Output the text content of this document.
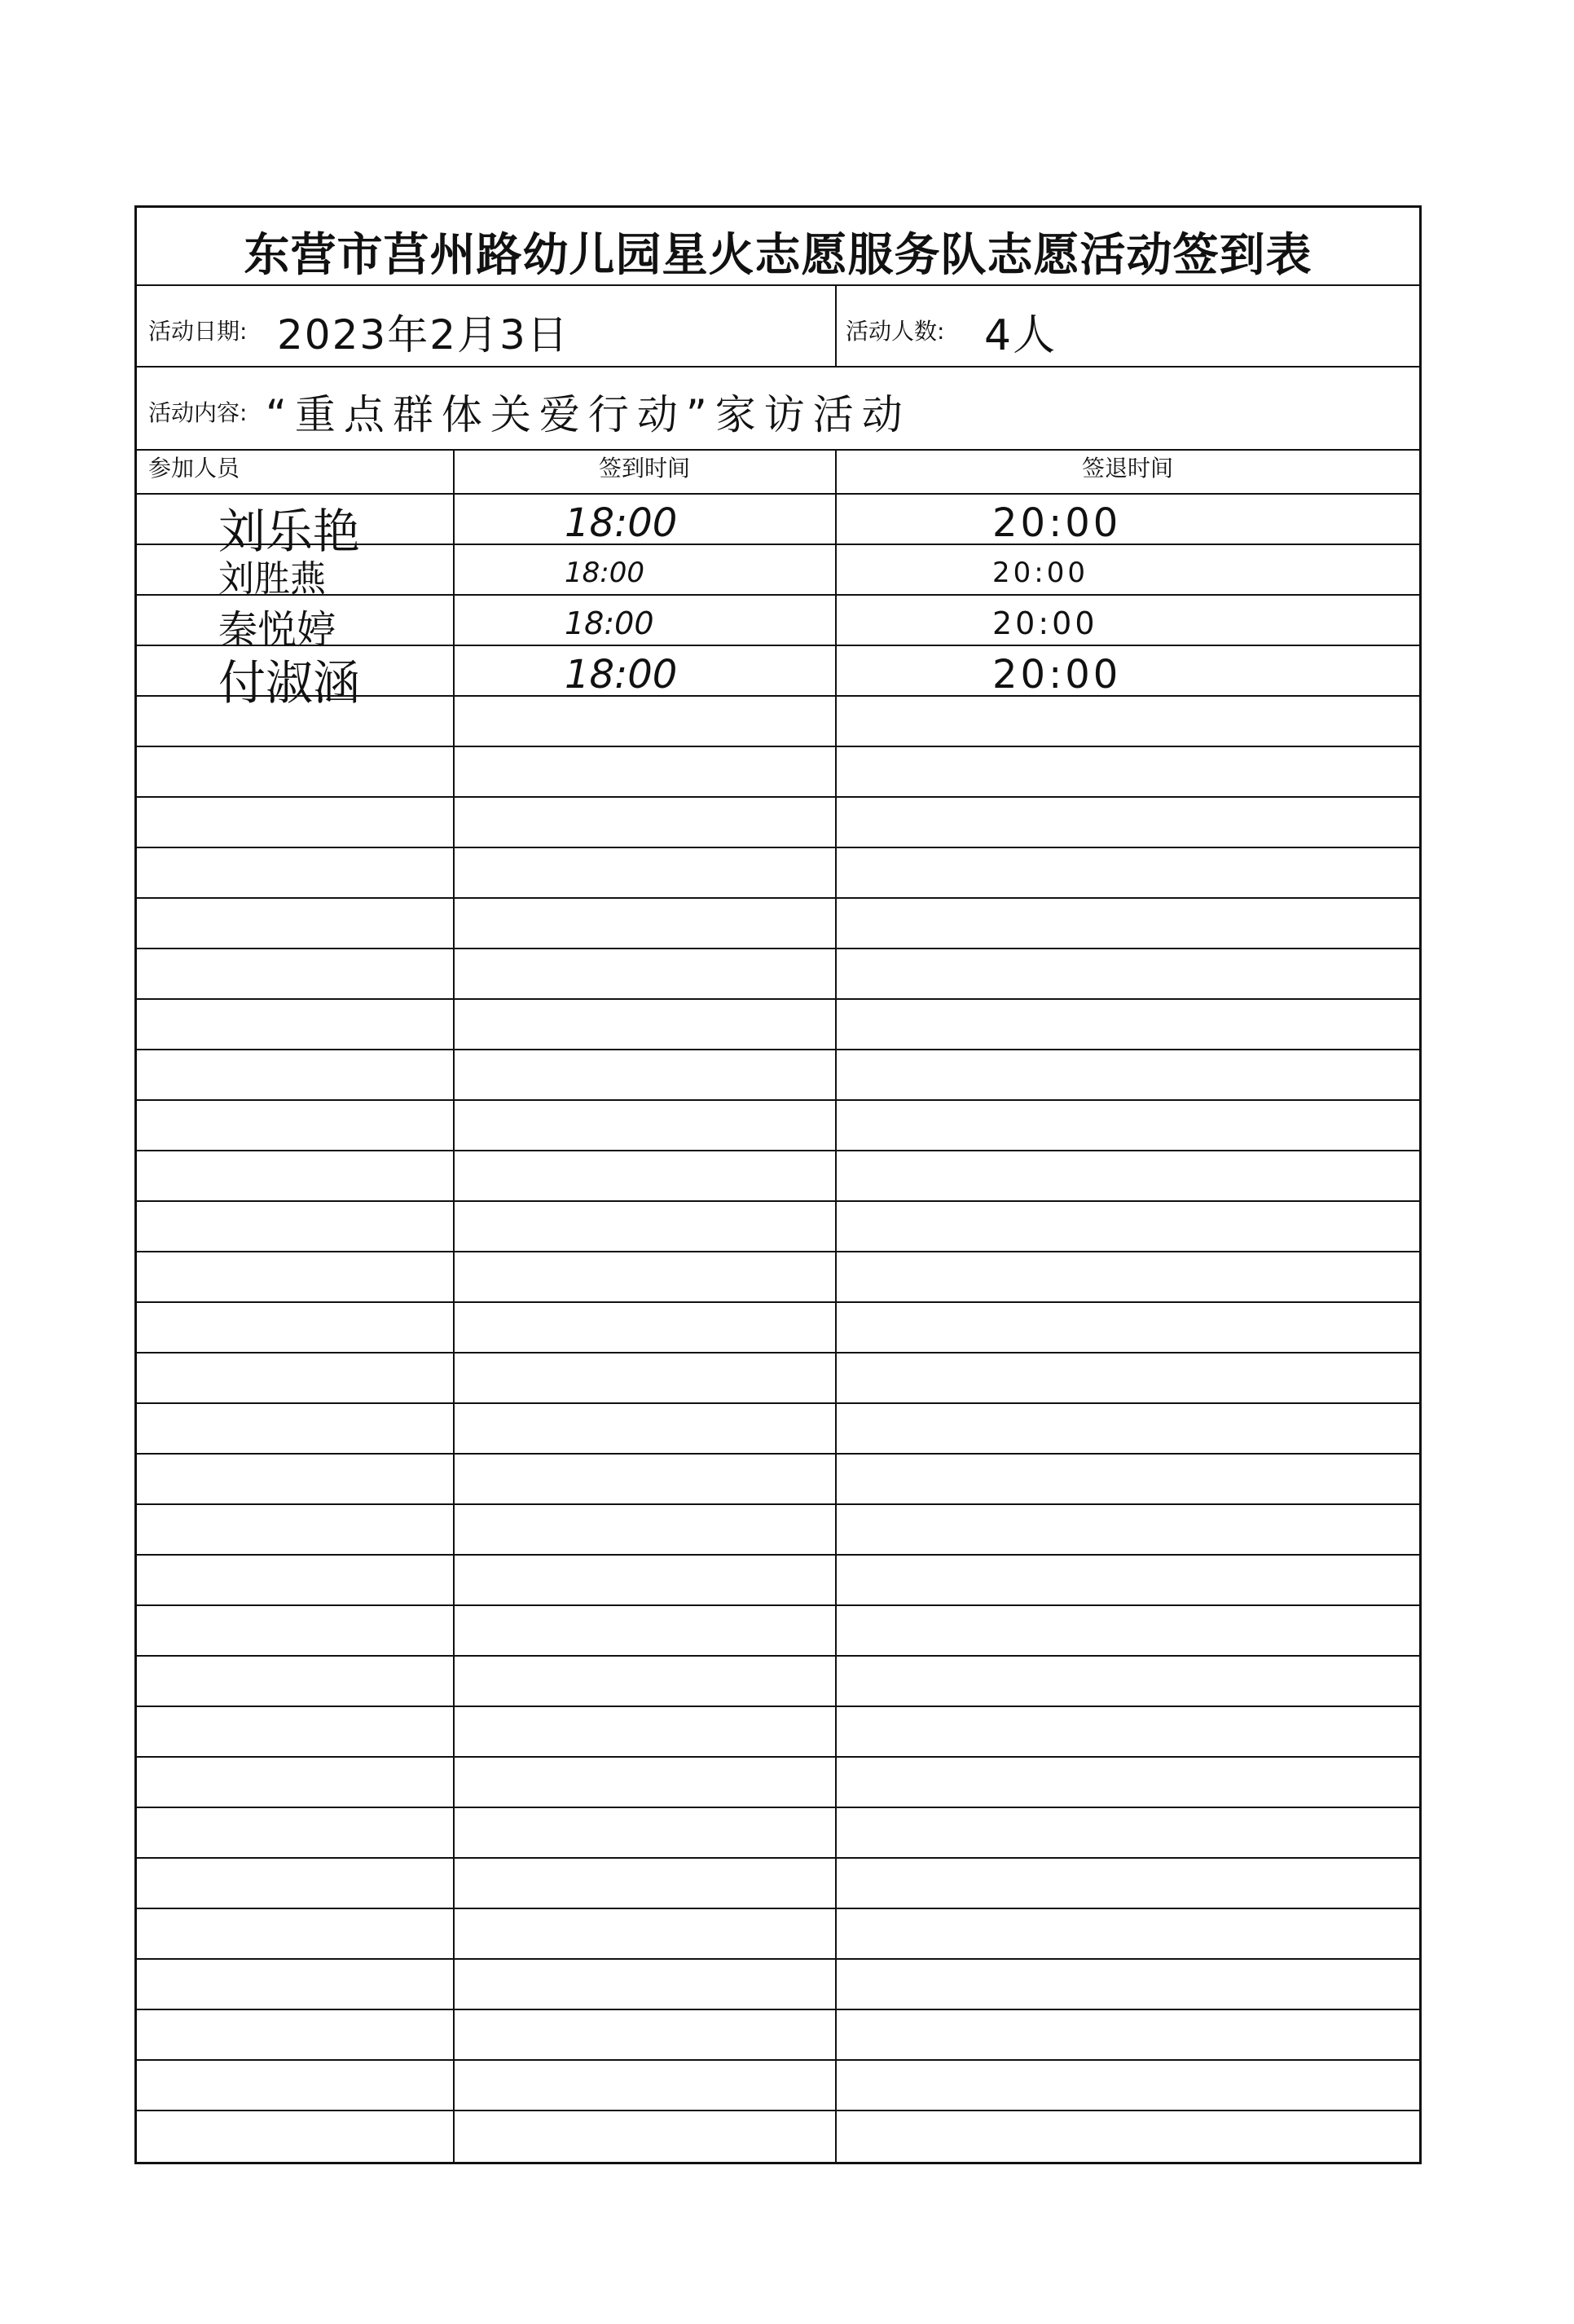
东营市莒州路幼儿园星火志愿服务队志愿活动签到表
活动日期: 2023年2月3日	活动人数: 4人
活动内容: “重点群体关爱行动”家访活动
参加人员	签到时间	签退时间
刘乐艳	18:00	20:00
刘胜燕	18:00	20:00
秦悦婷	18:00	20:00
付淑涵	18:00	20:00
